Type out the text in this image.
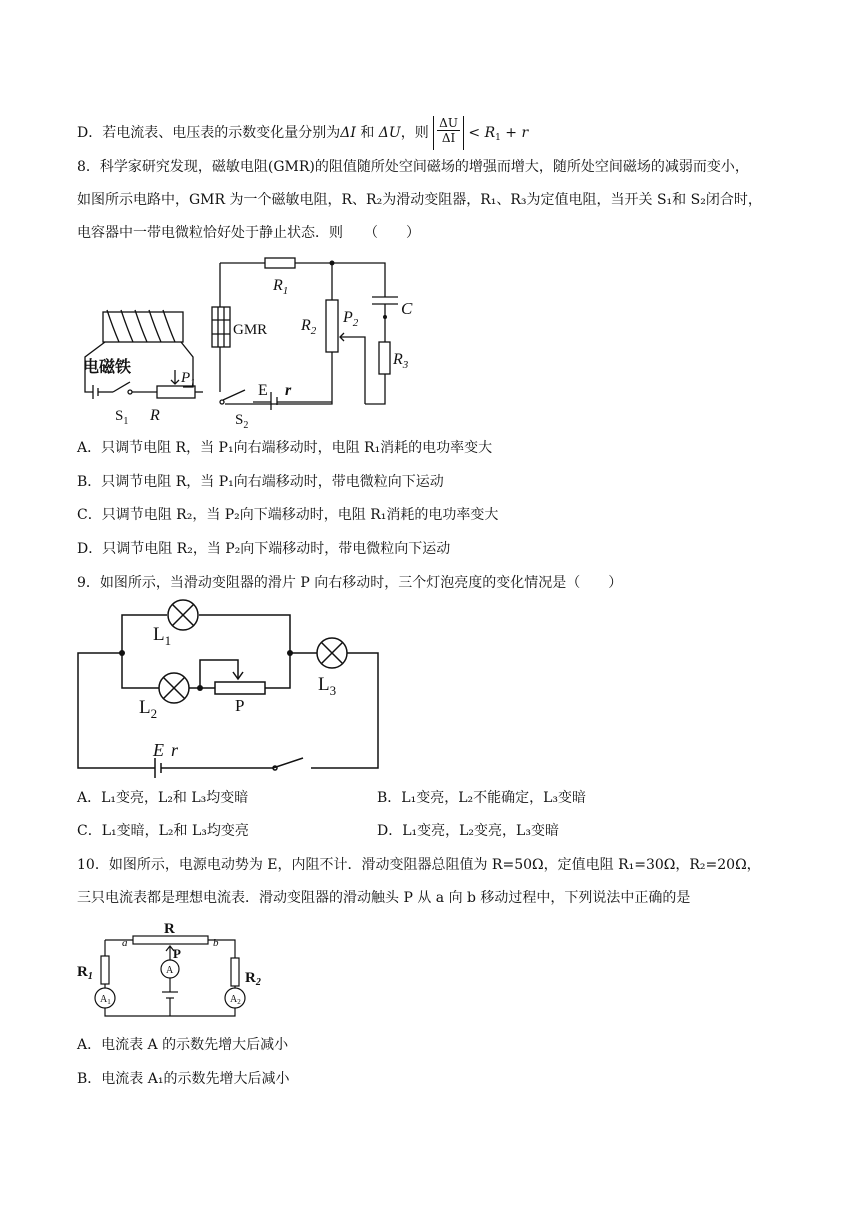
D．若电流表、电压表的示数变化量分别为ΔI 和 ΔU，则 $\frac{\Delta U}{\Delta I} < R_1 + r$
8．科学家研究发现，磁敏电阻(GMR)的阻值随所处空间磁场的增强而增大，随所处空间磁场的减弱而变小，
如图所示电路中，GMR 为一个磁敏电阻，R、R₂为滑动变阻器，R₁、R₃为定值电阻，当开关 S₁和 S₂闭合时，
电容器中一带电微粒恰好处于静止状态．则　　（　　）
$R_1$
$R_2$
$P_2$
C
$R_3$
GMR
电磁铁
$P_1$
$S_1$ R	$S_2$
E r
A．只调节电阻 R，当 P₁向右端移动时，电阻 R₁消耗的电功率变大
B．只调节电阻 R，当 P₁向右端移动时，带电微粒向下运动
C．只调节电阻 R₂，当 P₂向下端移动时，电阻 R₁消耗的电功率变大
D．只调节电阻 R₂，当 P₂向下端移动时，带电微粒向下运动
9．如图所示，当滑动变阻器的滑片 P 向右移动时，三个灯泡亮度的变化情况是（　　）
$L_1$
$L_2$
$L_3$
P
E r
A．L₁变亮，L₂和 L₃均变暗	B．L₁变亮，L₂不能确定，L₃变暗
C．L₁变暗，L₂和 L₃均变亮	D．L₁变亮，L₂变亮，L₃变暗
10．如图所示，电源电动势为 E，内阻不计．滑动变阻器总阻值为 R=50Ω，定值电阻 R₁=30Ω，R₂=20Ω，
三只电流表都是理想电流表．滑动变阻器的滑动触头 P 从 a 向 b 移动过程中，下列说法中正确的是
R
a	b
P
A
$A_1$	$A_2$
$R_1$	$R_2$
A．电流表 A 的示数先增大后减小
B．电流表 A₁的示数先增大后减小
